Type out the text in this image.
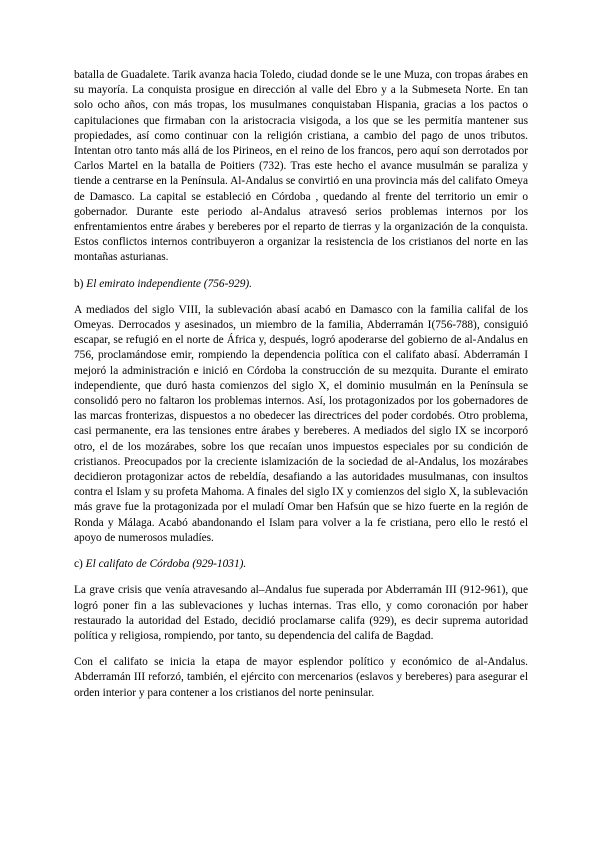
batalla de Guadalete. Tarik avanza hacia Toledo, ciudad donde se le une Muza, con tropas árabes en su mayoría. La conquista prosigue en dirección al valle del Ebro y a la Submeseta Norte. En tan solo ocho años, con más tropas, los musulmanes conquistaban Hispania, gracias a los pactos o capitulaciones que firmaban con la aristocracia visigoda, a los que se les permitía mantener sus propiedades, así como continuar con la religión cristiana, a cambio del pago de unos tributos. Intentan otro tanto más allá de los Pirineos, en el reino de los francos, pero aquí son derrotados por Carlos Martel en la batalla de Poitiers (732). Tras este hecho el avance musulmán se paraliza y tiende a centrarse en la Península. Al-Andalus se convirtió en una provincia más del califato Omeya de Damasco. La capital se estableció en Córdoba , quedando al frente del territorio un emir o gobernador. Durante este periodo al-Andalus atravesó serios problemas internos por los enfrentamientos entre árabes y bereberes por el reparto de tierras y la organización de la conquista. Estos conflictos internos contribuyeron a organizar la resistencia de los cristianos del norte en las montañas asturianas.

b) El emirato independiente (756-929).

A mediados del siglo VIII, la sublevación abasí acabó en Damasco con la familia califal de los Omeyas. Derrocados y asesinados, un miembro de la familia, Abderramán I(756-788), consiguió escapar, se refugió en el norte de África y, después, logró apoderarse del gobierno de al-Andalus en 756, proclamándose emir, rompiendo la dependencia política con el califato abasí. Abderramán I mejoró la administración e inició en Córdoba la construcción de su mezquita. Durante el emirato independiente, que duró hasta comienzos del siglo X, el dominio musulmán en la Península se consolidó pero no faltaron los problemas internos. Así, los protagonizados por los gobernadores de las marcas fronterizas, dispuestos a no obedecer las directrices del poder cordobés. Otro problema, casi permanente, era las tensiones entre árabes y bereberes. A mediados del siglo IX se incorporó otro, el de los mozárabes, sobre los que recaían unos impuestos especiales por su condición de cristianos. Preocupados por la creciente islamización de la sociedad de al-Andalus, los mozárabes decidieron protagonizar actos de rebeldía, desafiando a las autoridades musulmanas, con insultos contra el Islam y su profeta Mahoma. A finales del siglo IX y comienzos del siglo X, la sublevación más grave fue la protagonizada por el muladí Omar ben Hafsún que se hizo fuerte en la región de Ronda y Málaga. Acabó abandonando el Islam para volver a la fe cristiana, pero ello le restó el apoyo de numerosos muladíes.

c) El califato de Córdoba (929-1031).

La grave crisis que venía atravesando al–Andalus fue superada por Abderramán III (912-961), que logró poner fin a las sublevaciones y luchas internas. Tras ello, y como coronación por haber restaurado la autoridad del Estado, decidió proclamarse califa (929), es decir suprema autoridad política y religiosa, rompiendo, por tanto, su dependencia del califa de Bagdad.

Con el califato se inicia la etapa de mayor esplendor político y económico de al-Andalus. Abderramán III reforzó, también, el ejército con mercenarios (eslavos y bereberes) para asegurar el orden interior y para contener a los cristianos del norte peninsular.
